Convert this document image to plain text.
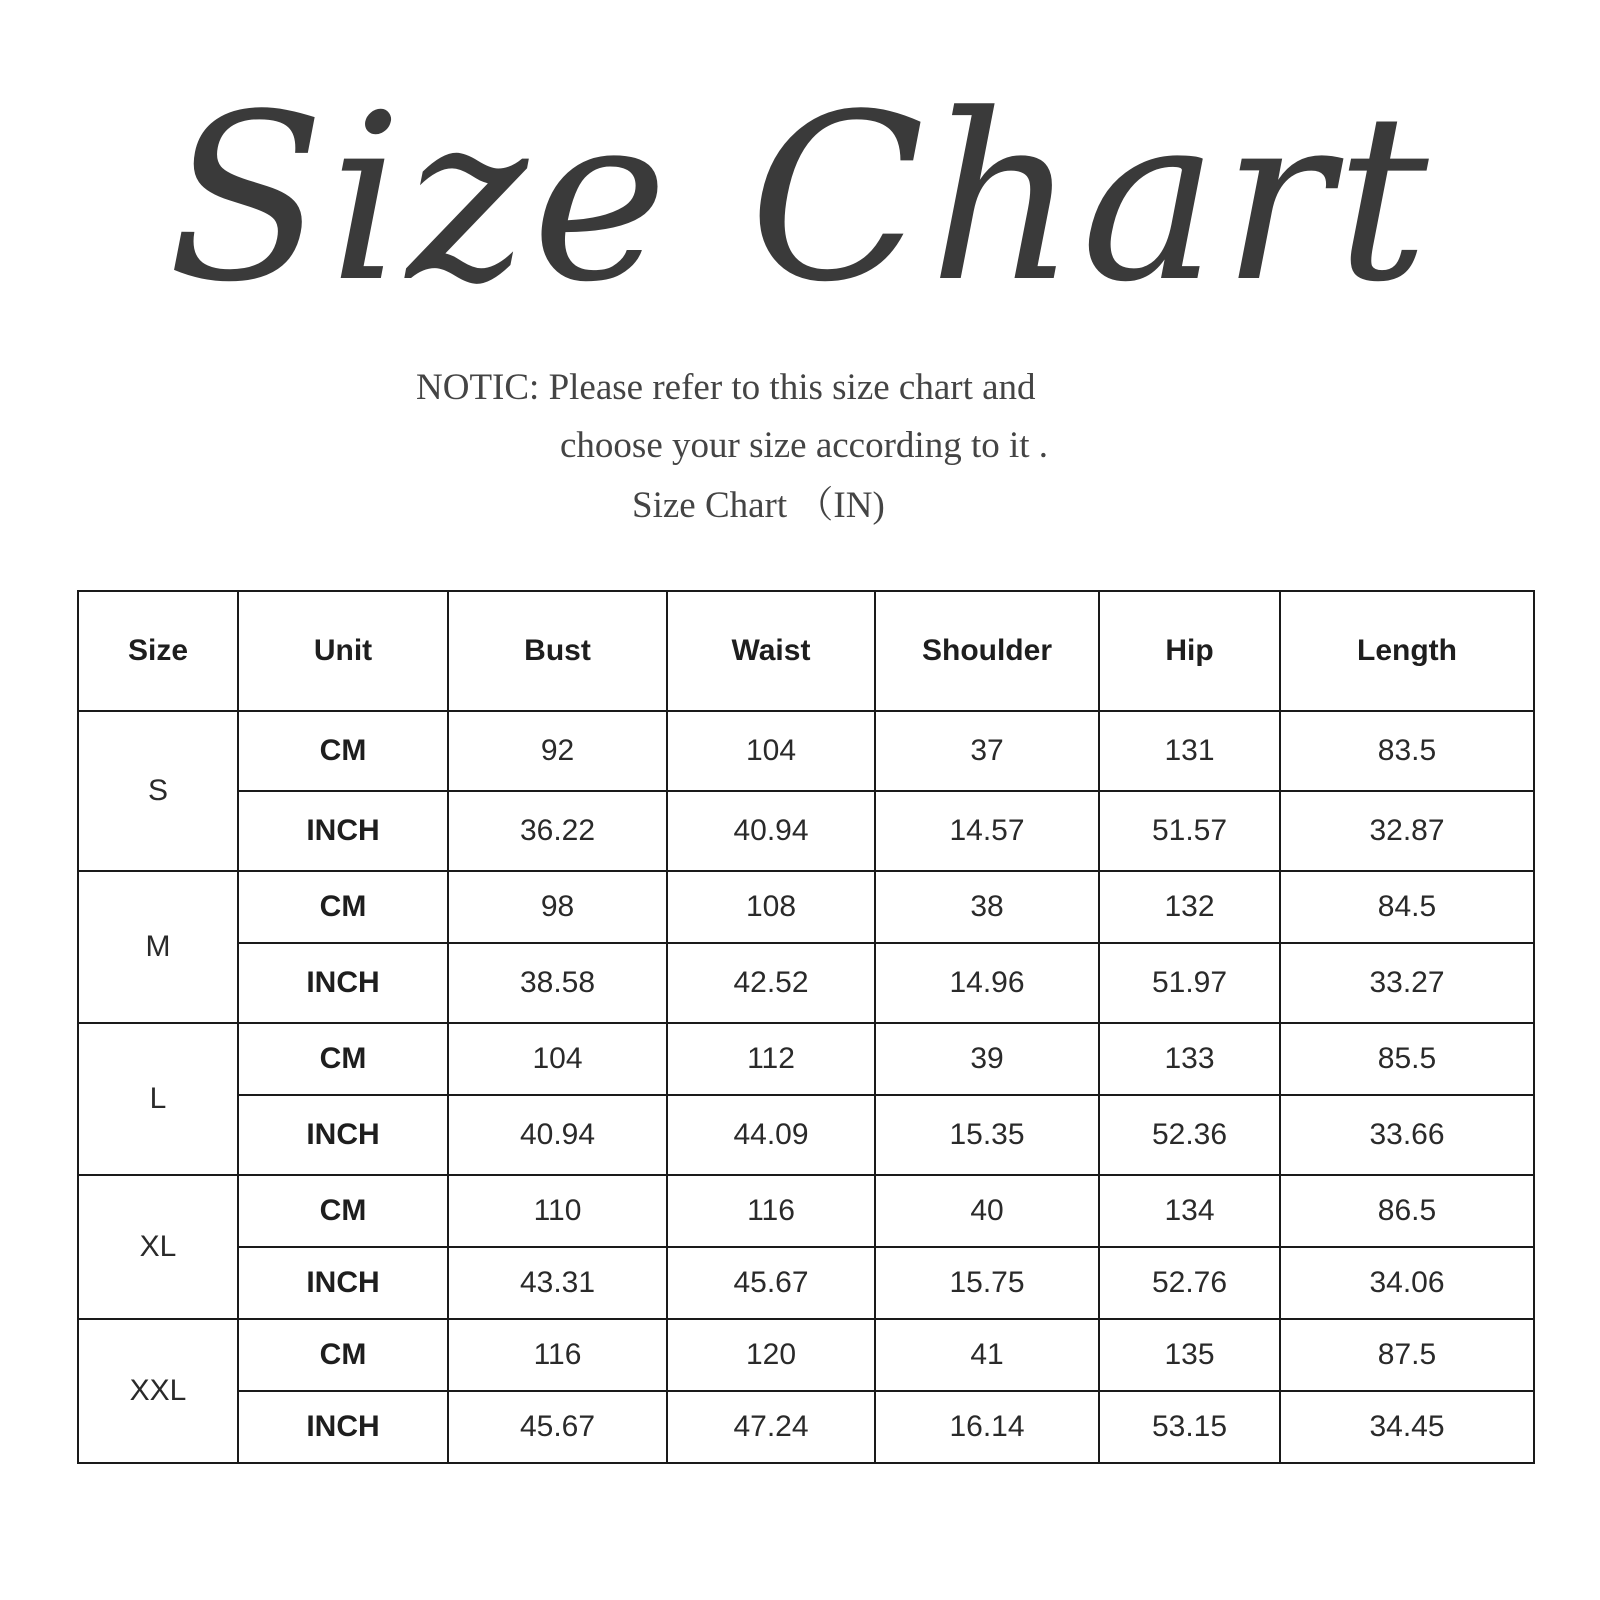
Size Chart
NOTIC: Please refer to this size chart and
choose your size according to it .
Size Chart （IN)
Size	Unit	Bust	Waist	Shoulder	Hip	Length
S	CM	92	104	37	131	83.5
	INCH	36.22	40.94	14.57	51.57	32.87
M	CM	98	108	38	132	84.5
	INCH	38.58	42.52	14.96	51.97	33.27
L	CM	104	112	39	133	85.5
	INCH	40.94	44.09	15.35	52.36	33.66
XL	CM	110	116	40	134	86.5
	INCH	43.31	45.67	15.75	52.76	34.06
XXL	CM	116	120	41	135	87.5
	INCH	45.67	47.24	16.14	53.15	34.45
